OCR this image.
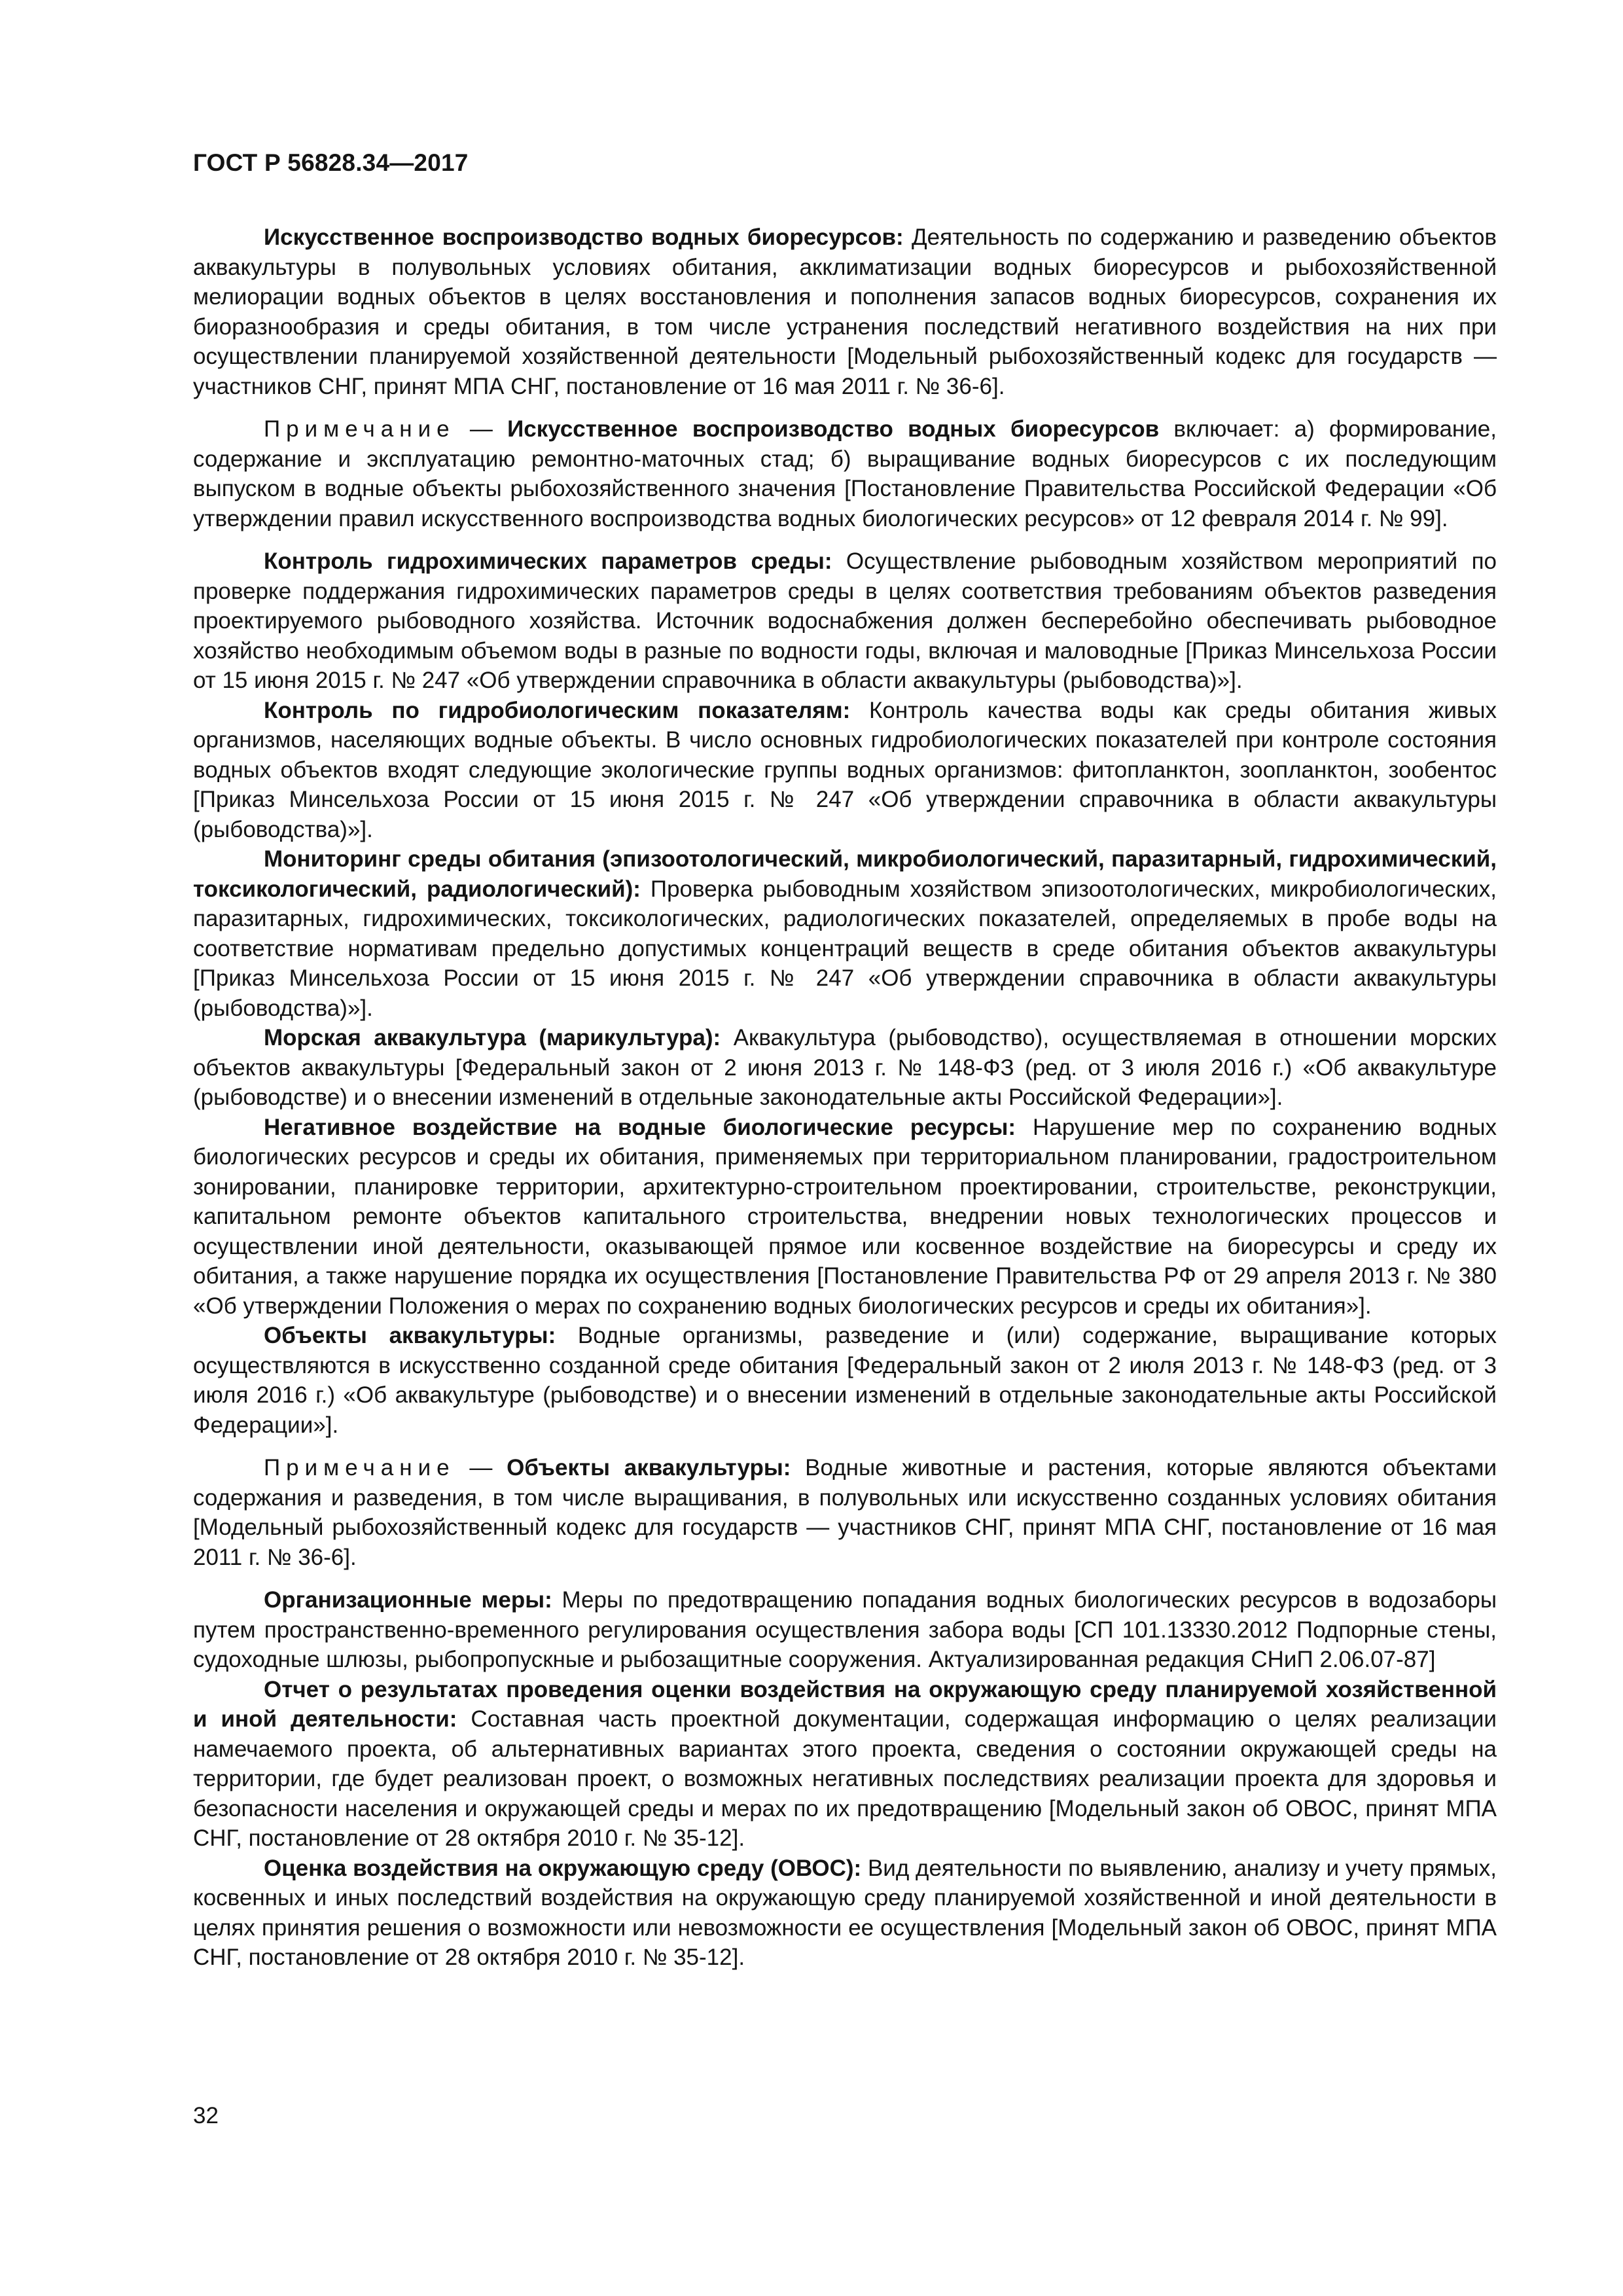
ГОСТ Р 56828.34—2017

Искусственное воспроизводство водных биоресурсов: Деятельность по содержанию и разведению объектов аквакультуры в полувольных условиях обитания, акклиматизации водных биоресурсов и рыбохозяйственной мелиорации водных объектов в целях восстановления и пополнения запасов водных биоресурсов, сохранения их биоразнообразия и среды обитания, в том числе устранения последствий негативного воздействия на них при осуществлении планируемой хозяйственной деятельности [Модельный рыбохозяйственный кодекс для государств — участников СНГ, принят МПА СНГ, постановление от 16 мая 2011 г. № 36-6].

Примечание — Искусственное воспроизводство водных биоресурсов включает: а) формирование, содержание и эксплуатацию ремонтно-маточных стад; б) выращивание водных биоресурсов с их последующим выпуском в водные объекты рыбохозяйственного значения [Постановление Правительства Российской Федерации «Об утверждении правил искусственного воспроизводства водных биологических ресурсов» от 12 февраля 2014 г. № 99].

Контроль гидрохимических параметров среды: Осуществление рыбоводным хозяйством мероприятий по проверке поддержания гидрохимических параметров среды в целях соответствия требованиям объектов разведения проектируемого рыбоводного хозяйства. Источник водоснабжения должен бесперебойно обеспечивать рыбоводное хозяйство необходимым объемом воды в разные по водности годы, включая и маловодные [Приказ Минсельхоза России от 15 июня 2015 г. № 247 «Об утверждении справочника в области аквакультуры (рыбоводства)»].

Контроль по гидробиологическим показателям: Контроль качества воды как среды обитания живых организмов, населяющих водные объекты. В число основных гидробиологических показателей при контроле состояния водных объектов входят следующие экологические группы водных организмов: фитопланктон, зоопланктон, зообентос [Приказ Минсельхоза России от 15 июня 2015 г. № 247 «Об утверждении справочника в области аквакультуры (рыбоводства)»].

Мониторинг среды обитания (эпизоотологический, микробиологический, паразитарный, гидрохимический, токсикологический, радиологический): Проверка рыбоводным хозяйством эпизоотологических, микробиологических, паразитарных, гидрохимических, токсикологических, радиологических показателей, определяемых в пробе воды на соответствие нормативам предельно допустимых концентраций веществ в среде обитания объектов аквакультуры [Приказ Минсельхоза России от 15 июня 2015 г. № 247 «Об утверждении справочника в области аквакультуры (рыбоводства)»].

Морская аквакультура (марикультура): Аквакультура (рыбоводство), осуществляемая в отношении морских объектов аквакультуры [Федеральный закон от 2 июня 2013 г. № 148-ФЗ (ред. от 3 июля 2016 г.) «Об аквакультуре (рыбоводстве) и о внесении изменений в отдельные законодательные акты Российской Федерации»].

Негативное воздействие на водные биологические ресурсы: Нарушение мер по сохранению водных биологических ресурсов и среды их обитания, применяемых при территориальном планировании, градостроительном зонировании, планировке территории, архитектурно-строительном проектировании, строительстве, реконструкции, капитальном ремонте объектов капитального строительства, внедрении новых технологических процессов и осуществлении иной деятельности, оказывающей прямое или косвенное воздействие на биоресурсы и среду их обитания, а также нарушение порядка их осуществления [Постановление Правительства РФ от 29 апреля 2013 г. № 380 «Об утверждении Положения о мерах по сохранению водных биологических ресурсов и среды их обитания»].

Объекты аквакультуры: Водные организмы, разведение и (или) содержание, выращивание которых осуществляются в искусственно созданной среде обитания [Федеральный закон от 2 июля 2013 г. № 148-ФЗ (ред. от 3 июля 2016 г.) «Об аквакультуре (рыбоводстве) и о внесении изменений в отдельные законодательные акты Российской Федерации»].

Примечание — Объекты аквакультуры: Водные животные и растения, которые являются объектами содержания и разведения, в том числе выращивания, в полувольных или искусственно созданных условиях обитания [Модельный рыбохозяйственный кодекс для государств — участников СНГ, принят МПА СНГ, постановление от 16 мая 2011 г. № 36-6].

Организационные меры: Меры по предотвращению попадания водных биологических ресурсов в водозаборы путем пространственно-временного регулирования осуществления забора воды [СП 101.13330.2012 Подпорные стены, судоходные шлюзы, рыбопропускные и рыбозащитные сооружения. Актуализированная редакция СНиП 2.06.07-87]

Отчет о результатах проведения оценки воздействия на окружающую среду планируемой хозяйственной и иной деятельности: Составная часть проектной документации, содержащая информацию о целях реализации намечаемого проекта, об альтернативных вариантах этого проекта, сведения о состоянии окружающей среды на территории, где будет реализован проект, о возможных негативных последствиях реализации проекта для здоровья и безопасности населения и окружающей среды и мерах по их предотвращению [Модельный закон об ОВОС, принят МПА СНГ, постановление от 28 октября 2010 г. № 35-12].

Оценка воздействия на окружающую среду (ОВОС): Вид деятельности по выявлению, анализу и учету прямых, косвенных и иных последствий воздействия на окружающую среду планируемой хозяйственной и иной деятельности в целях принятия решения о возможности или невозможности ее осуществления [Модельный закон об ОВОС, принят МПА СНГ, постановление от 28 октября 2010 г. № 35-12].

32
